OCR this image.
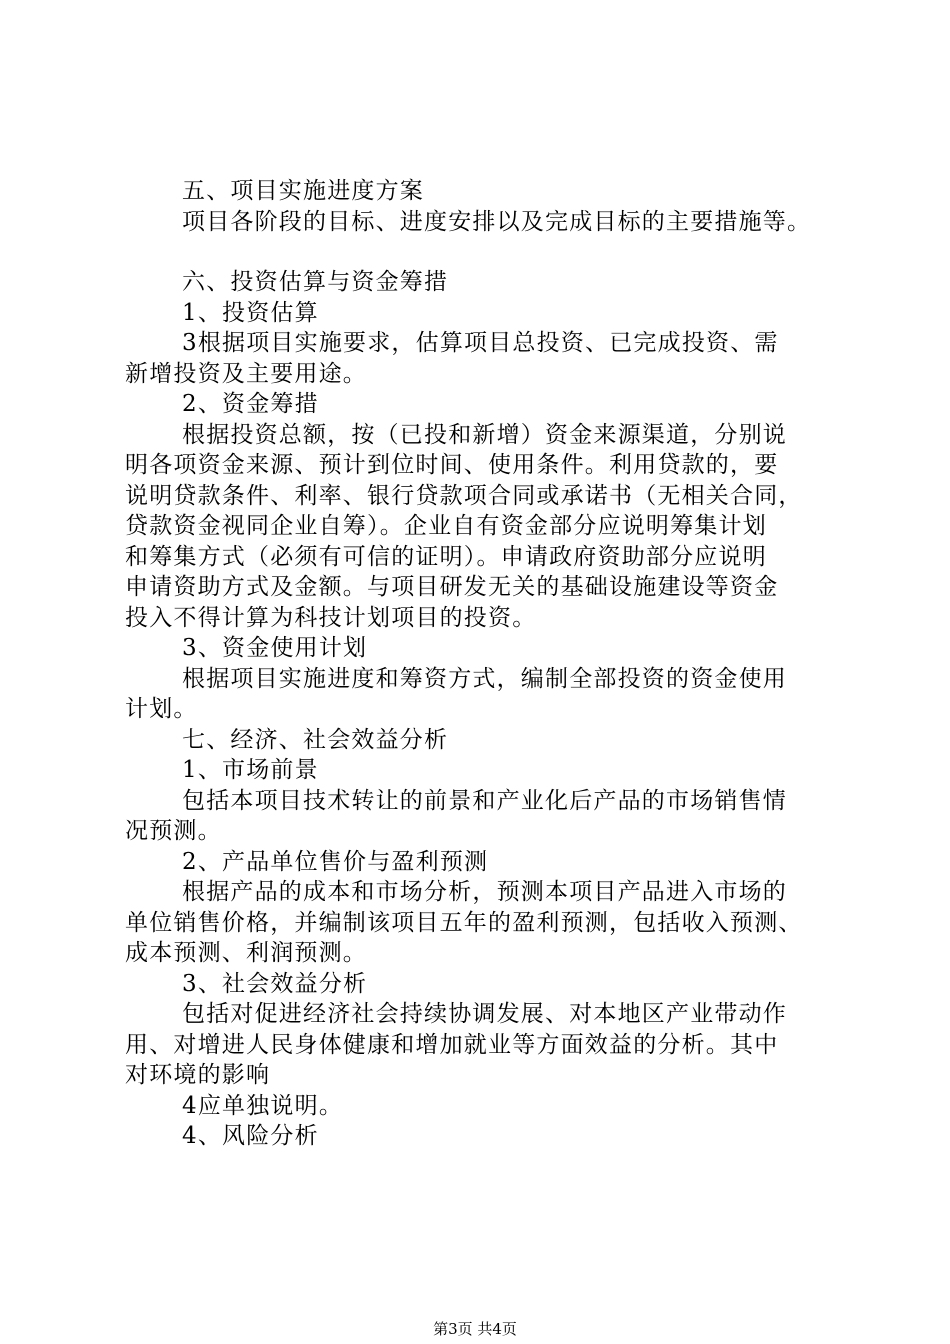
五、项目实施进度方案
项目各阶段的目标、进度安排以及完成目标的主要措施等。
六、投资估算与资金筹措
1、投资估算
3根据项目实施要求，估算项目总投资、已完成投资、需
新增投资及主要用途。
2、资金筹措
根据投资总额，按（已投和新增）资金来源渠道，分别说
明各项资金来源、预计到位时间、使用条件。利用贷款的，要
说明贷款条件、利率、银行贷款项合同或承诺书（无相关合同，
贷款资金视同企业自筹）。企业自有资金部分应说明筹集计划
和筹集方式（必须有可信的证明）。申请政府资助部分应说明
申请资助方式及金额。与项目研发无关的基础设施建设等资金
投入不得计算为科技计划项目的投资。
3、资金使用计划
根据项目实施进度和筹资方式，编制全部投资的资金使用
计划。
七、经济、社会效益分析
1、市场前景
包括本项目技术转让的前景和产业化后产品的市场销售情
况预测。
2、产品单位售价与盈利预测
根据产品的成本和市场分析，预测本项目产品进入市场的
单位销售价格，并编制该项目五年的盈利预测，包括收入预测、
成本预测、利润预测。
3、社会效益分析
包括对促进经济社会持续协调发展、对本地区产业带动作
用、对增进人民身体健康和增加就业等方面效益的分析。其中
对环境的影响
4应单独说明。
4、风险分析
第3页 共4页
